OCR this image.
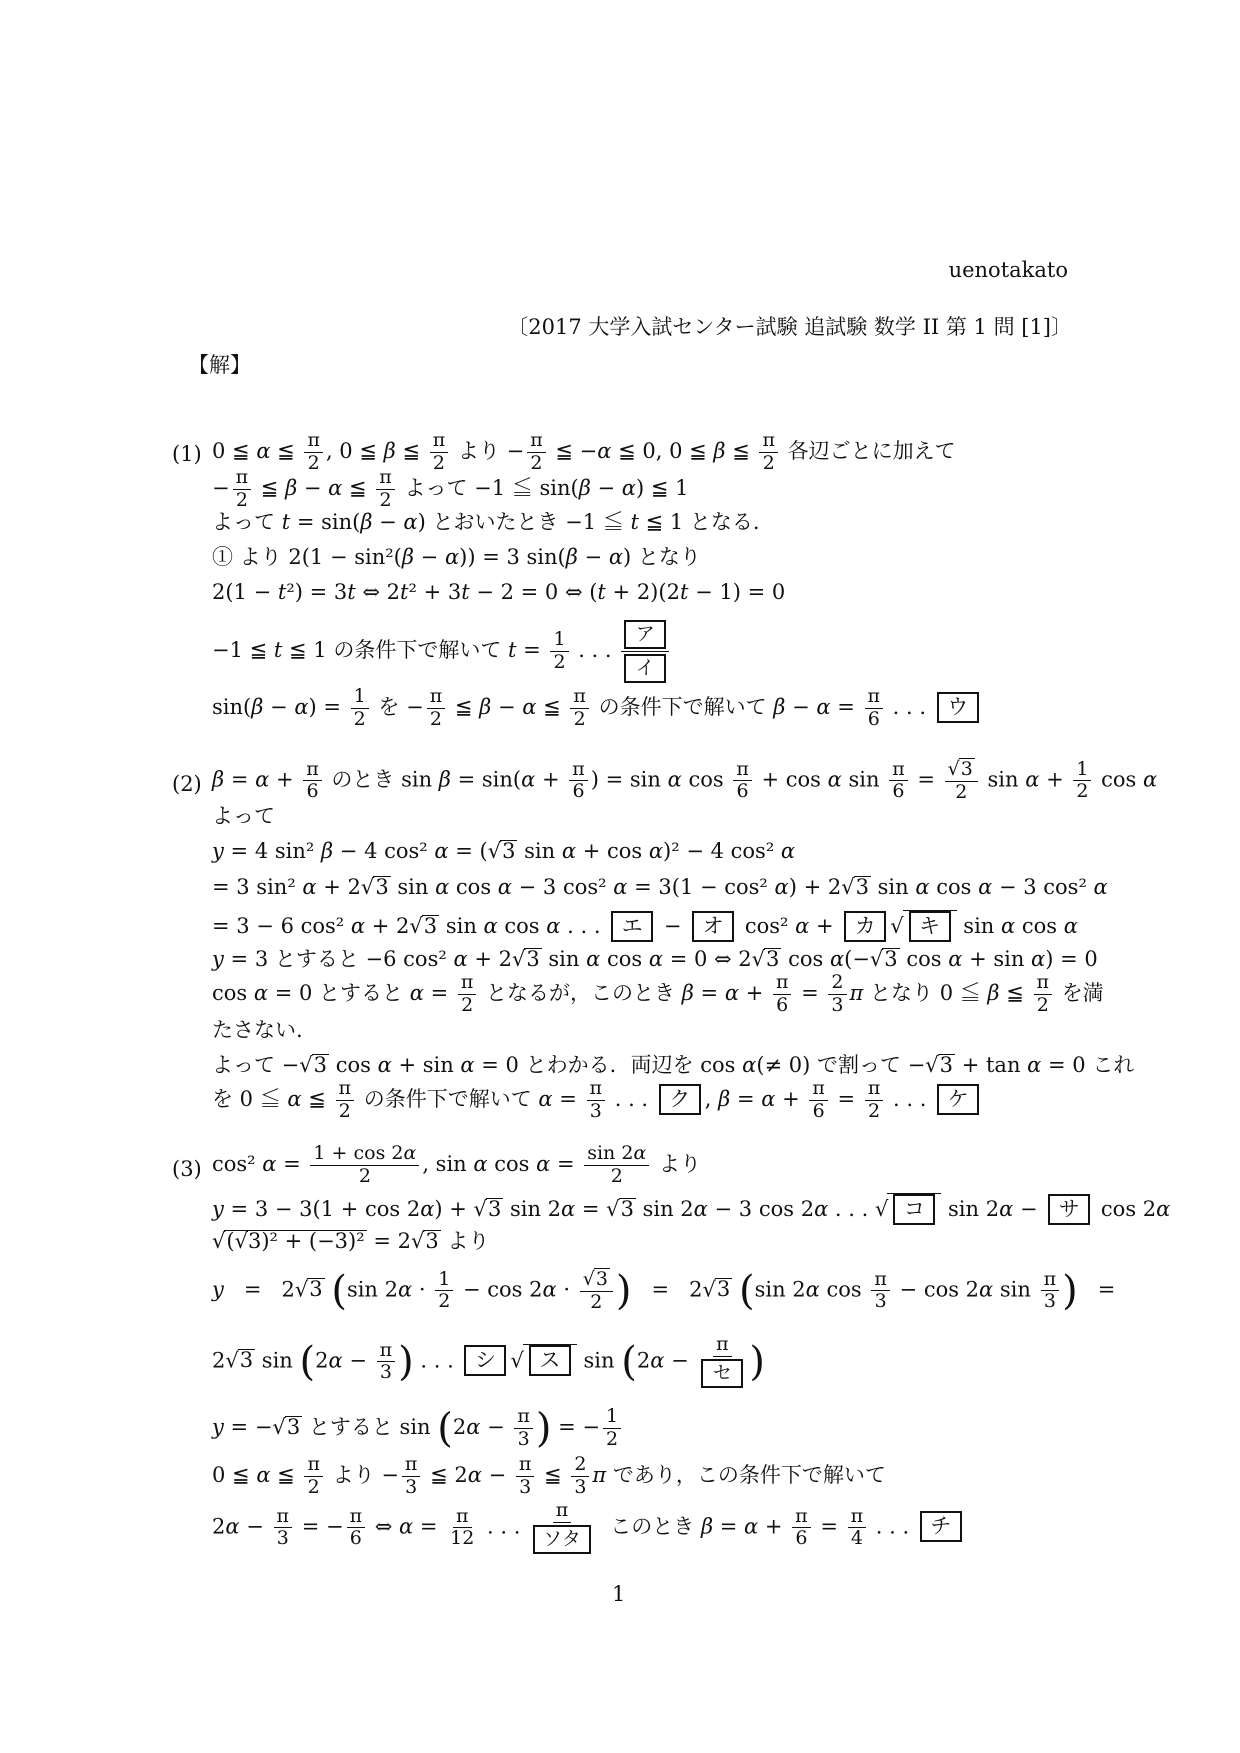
uenotakato
〔2017 大学入試センター試験 追試験 数学 II 第 1 問 [1]〕
【解】
(1) 0 ≦ α ≦ $\frac{\pi}{2}$ , 0 ≦ β ≦ $\frac{\pi}{2}$ より − $\frac{\pi}{2}$ ≦ −α ≦ 0, 0 ≦ β ≦ $\frac{\pi}{2}$ 各辺ごとに加えて
− $\frac{\pi}{2}$ ≦ β − α ≦ $\frac{\pi}{2}$ よって −1 ≦ sin(β − α) ≦ 1
よって t = sin(β − α) とおいたとき −1 ≦ t ≦ 1 となる.
① より 2(1 − sin²(β − α)) = 3 sin(β − α) となり
2(1 − t²) = 3t ⇔ 2t² + 3t − 2 = 0 ⇔ (t + 2)(2t − 1) = 0
−1 ≦ t ≦ 1 の条件下で解いて $t = \frac{1}{2}$ . . . $\frac{\text{ア}}{\text{イ}}$
$\sin(\beta - \alpha) = \frac{1}{2}$ を − $\frac{\pi}{2}$ ≦ β − α ≦ $\frac{\pi}{2}$ の条件下で解いて $\beta - \alpha = \frac{\pi}{6}$ . . . ウ
(2) $\beta = \alpha + \frac{\pi}{6}$ のとき $\sin \beta = \sin(\alpha + \frac{\pi}{6}$ ) = sin α $\cos \frac{\pi}{6} + \cos \alpha$ $\sin \frac{\pi}{6} = \frac{√3}{2}$ $\sin \alpha + \frac{1}{2}$ cos α
よって
y = 4 sin² β − 4 cos² α = (√3 sin α + cos α)² − 4 cos² α
= 3 sin² α + 2√3 sin α cos α − 3 cos² α = 3(1 − cos² α) + 2√3 sin α cos α − 3 cos² α
= 3 − 6 cos² α + 2√3 sin α cos α . . . エ − オ cos² α + カ √ キ sin α cos α
y = 3 とすると −6 cos² α + 2√3 sin α cos α = 0 ⇔ 2√3 cos α(−√3 cos α + sin α) = 0
cos α = 0 とすると $\alpha = \frac{\pi}{2}$ となるが，このとき $\beta = \alpha + \frac{\pi}{6} = \frac{2}{3}$ π となり 0 ≦ β ≦ $\frac{\pi}{2}$ を満
たさない.
よって −√3 cos α + sin α = 0 とわかる．両辺を cos α(≠ 0) で割って −√3 + tan α = 0 これ
を 0 ≦ α ≦ $\frac{\pi}{2}$ の条件下で解いて $\alpha = \frac{\pi}{3}$ . . . ク , $\beta = \alpha + \frac{\pi}{6} = \frac{\pi}{2}$ . . . ケ
(3) cos² $\alpha = \frac{1 + \cos 2\alpha}{2}$ , sin α $\cos \alpha = \frac{\sin 2\alpha}{2}$ より
y = 3 − 3(1 + cos 2α) + √3 sin 2α = √3 sin 2α − 3 cos 2α . . . √ コ sin 2α − サ cos 2α
√(√3)² + (−3)² = 2√3 より
y   =   2√3 (sin $2\alpha \cdot \frac{1}{2} - \cos 2\alpha \cdot \frac{√3}{2}$ )   =   2√3 (sin 2α $\cos \frac{\pi}{3} - \cos 2\alpha$ $\sin \frac{\pi}{3}$ )   =
2√3 $\sin (2\alpha - \frac{\pi}{3}$ ) . . . シ √ ス $\sin (2\alpha - \frac{\pi}{\text{セ}}$ )
y = −√3 とすると $\sin (2\alpha - \frac{\pi}{3}$ ) = − $\frac{1}{2}$
0 ≦ α ≦ $\frac{\pi}{2}$ より − $\frac{\pi}{3}$ ≦ $2\alpha - \frac{\pi}{3}$ ≦ $\frac{2}{3}$ π であり，この条件下で解いて
$2\alpha - \frac{\pi}{3}$ = − $\frac{\pi}{6}$ ⇔ $\alpha = \frac{\pi}{12}$ . . . $\frac{\pi}{\text{ソタ}}$ このとき $\beta = \alpha + \frac{\pi}{6} = \frac{\pi}{4}$ . . . チ
1
